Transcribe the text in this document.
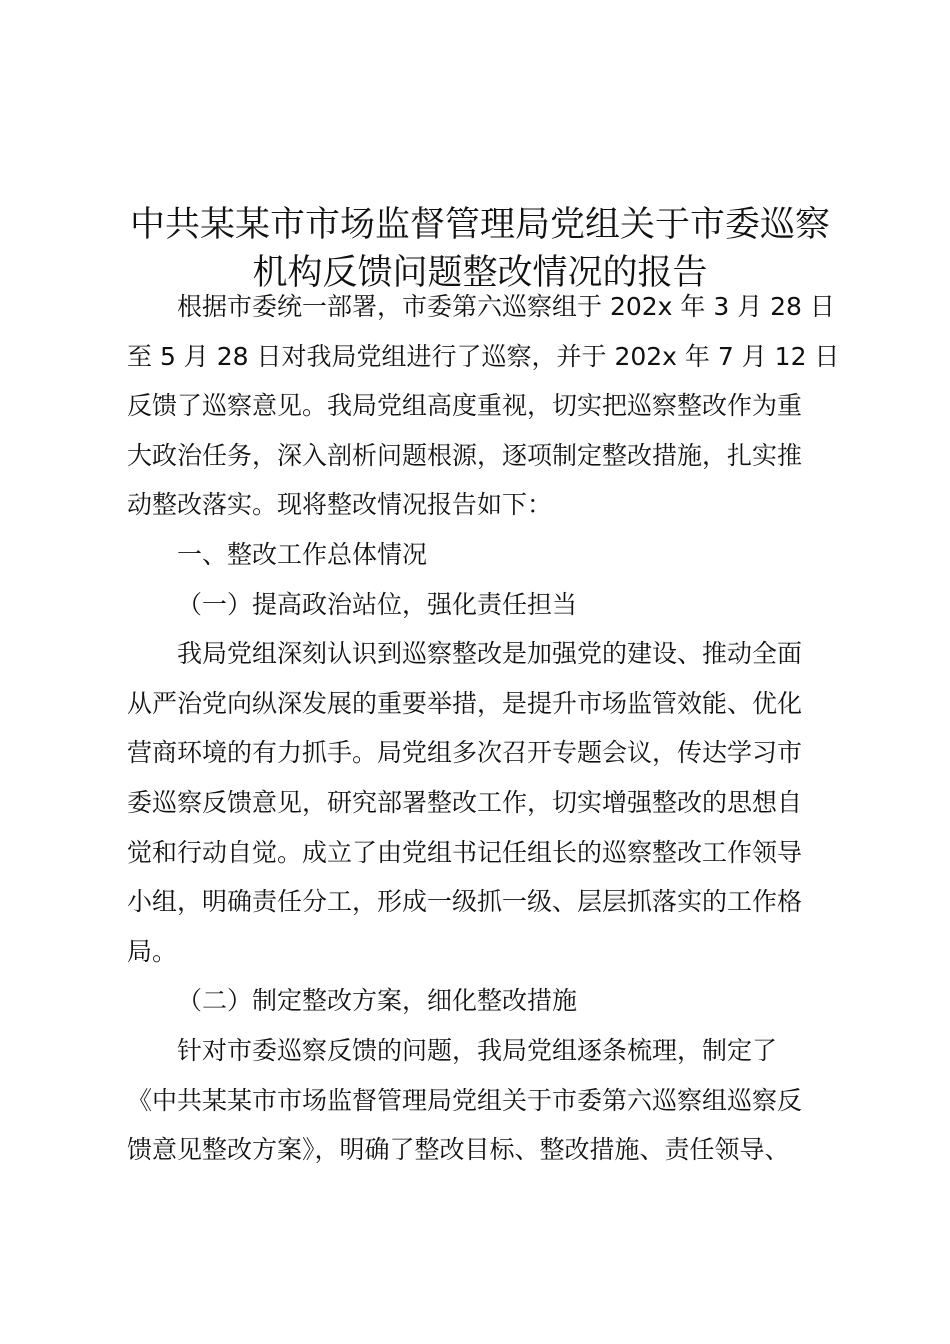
中共某某市市场监督管理局党组关于市委巡察
机构反馈问题整改情况的报告
根据市委统一部署，市委第六巡察组于 202x 年 3 月 28 日
至 5 月 28 日对我局党组进行了巡察，并于 202x 年 7 月 12 日
反馈了巡察意见。我局党组高度重视，切实把巡察整改作为重
大政治任务，深入剖析问题根源，逐项制定整改措施，扎实推
动整改落实。现将整改情况报告如下：
一、整改工作总体情况
（一）提高政治站位，强化责任担当
我局党组深刻认识到巡察整改是加强党的建设、推动全面
从严治党向纵深发展的重要举措，是提升市场监管效能、优化
营商环境的有力抓手。局党组多次召开专题会议，传达学习市
委巡察反馈意见，研究部署整改工作，切实增强整改的思想自
觉和行动自觉。成立了由党组书记任组长的巡察整改工作领导
小组，明确责任分工，形成一级抓一级、层层抓落实的工作格
局。
（二）制定整改方案，细化整改措施
针对市委巡察反馈的问题，我局党组逐条梳理，制定了
《中共某某市市场监督管理局党组关于市委第六巡察组巡察反
馈意见整改方案》，明确了整改目标、整改措施、责任领导、
